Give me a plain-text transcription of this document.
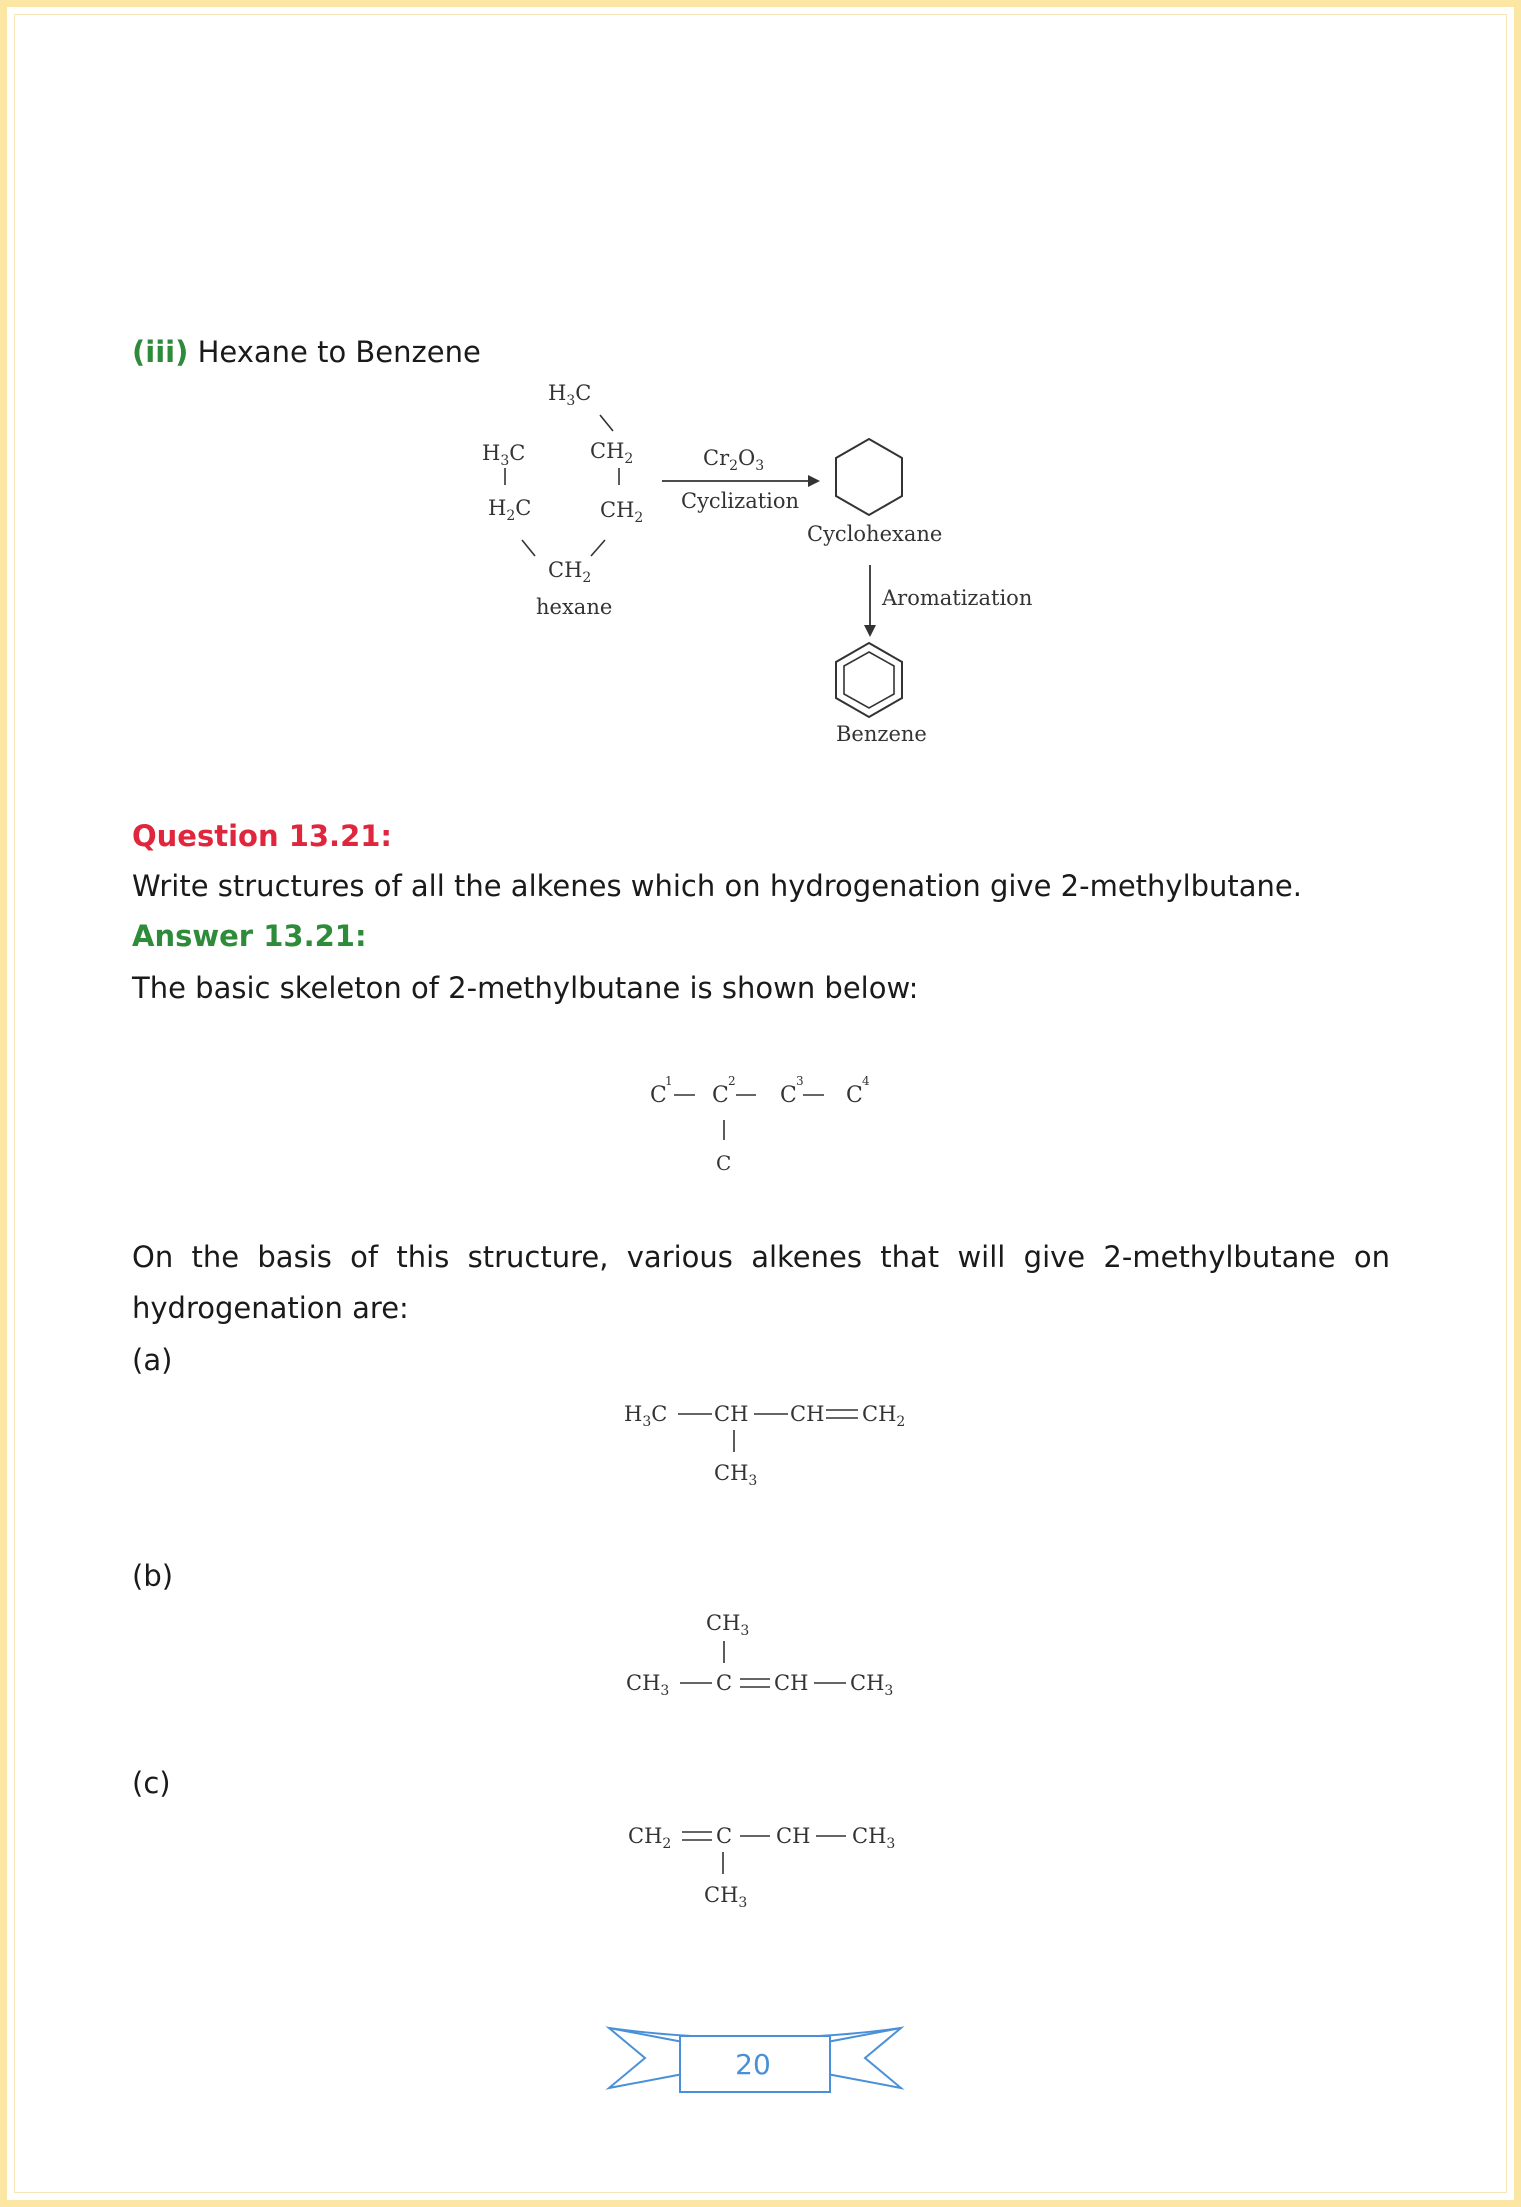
(iii) Hexane to Benzene
$H_3C$
$CH_2$
$H_3C$
$H_2C$	$CH_2$
$CH_2$
hexane
$Cr_2O_3$
Cyclization
Cyclohexane
Aromatization
Benzene
Question 13.21:
Write structures of all the alkenes which on hydrogenation give 2-methylbutane.
Answer 13.21:
The basic skeleton of 2-methylbutane is shown below:
C
1
C
2
C
3
C
4
C
On the basis of this structure, various alkenes that will give 2-methylbutane on hydrogenation are:
(a)
$H_3C$ CH CH $CH_2$
$CH_3$
(b)
$CH_3$
$CH_3$ C CH $CH_3$
(c)
$CH_2$ C CH $CH_3$
$CH_3$
20
